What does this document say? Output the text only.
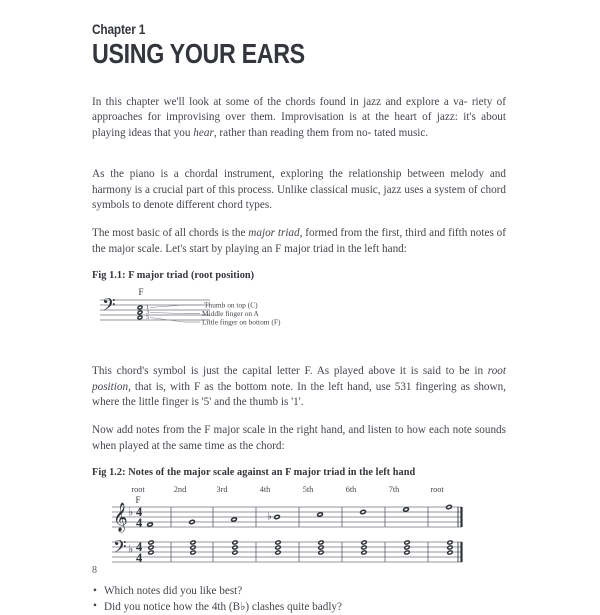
Chapter 1
USING YOUR EARS

In this chapter we'll look at some of the chords found in jazz and explore a va- riety of approaches for improvising over them. Improvisation is at the heart of jazz: it's about playing ideas that you hear, rather than reading them from no- tated music.

As the piano is a chordal instrument, exploring the relationship between melody and harmony is a crucial part of this process. Unlike classical music, jazz uses a system of chord symbols to denote different chord types.

The most basic of all chords is the major triad, formed from the first, third and fifth notes of the major scale. Let's start by playing an F major triad in the left hand:

Fig 1.1: F major triad (root position)

𝄢
F
1
3
5
Thumb on top (C)
Middle finger on A
Little finger on bottom (F)

This chord's symbol is just the capital letter F. As played above it is said to be in root position, that is, with F as the bottom note. In the left hand, use 531 fingering as shown, where the little finger is '5' and the thumb is '1'.

Now add notes from the F major scale in the right hand, and listen to how each note sounds when played at the same time as the chord:

Fig 1.2: Notes of the major scale against an F major triad in the left hand

root	2nd	3rd	4th	5th	6th	7th	root
F
𝄞 ♭ 4
4	♭
𝄢 ♭ 4
4
• Which notes did you like best?
• Did you notice how the 4th (B♭) clashes quite badly?
8
